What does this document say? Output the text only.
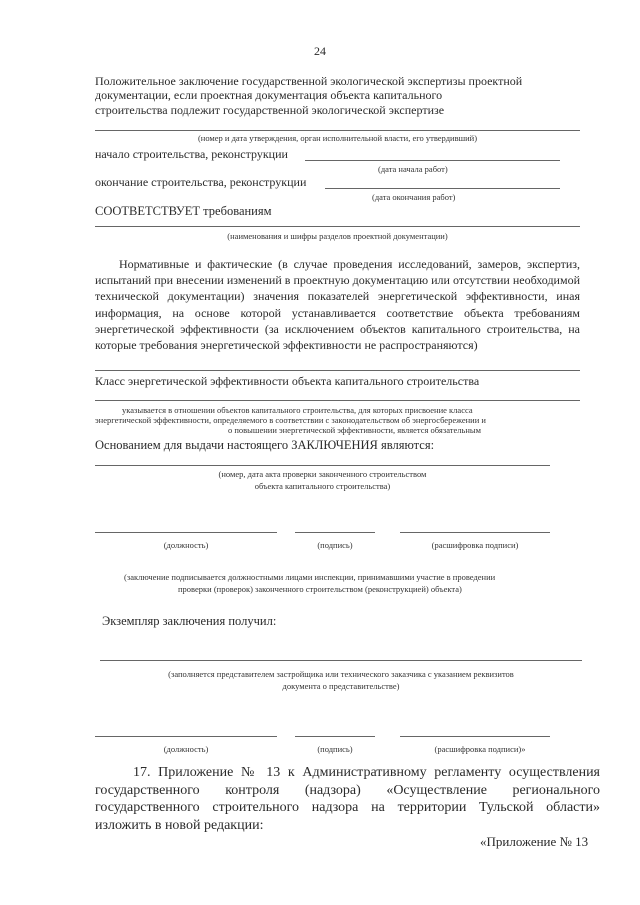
24
Положительное заключение государственной экологической экспертизы проектной
документации, если проектная документация объекта капитального
строительства подлежит государственной экологической экспертизе
(номер и дата утверждения, орган исполнительной власти, его утвердивший)
начало строительства, реконструкции
(дата начала работ)
окончание строительства, реконструкции
(дата окончания работ)
СООТВЕТСТВУЕТ требованиям
(наименования и шифры разделов проектной документации)
Нормативные и фактические (в случае проведения исследований, замеров, экспертиз, испытаний при внесении изменений в проектную документацию или отсутствии необходимой технической документации) значения показателей энергетической эффективности, иная информация, на основе которой устанавливается соответствие объекта требованиям энергетической эффективности (за исключением объектов капитального строительства, на которые требования энергетической эффективности не распространяются)
Класс энергетической эффективности объекта капитального строительства
указывается в отношении объектов капитального строительства, для которых присвоение класса
энергетической эффективности, определяемого в соответствии с законодательством об энергосбережении и
о повышении энергетической эффективности, является обязательным
Основанием для выдачи настоящего ЗАКЛЮЧЕНИЯ являются:
(номер, дата акта проверки законченного строительством
объекта капитального строительства)
(должность)	(подпись)	(расшифровка подписи)
(заключение подписывается должностными лицами инспекции, принимавшими участие в проведении
проверки (проверок) законченного строительством (реконструкцией) объекта)
Экземпляр заключения получил:
(заполняется представителем застройщика или технического заказчика с указанием реквизитов
документа о представительстве)
(должность)	(подпись)	(расшифровка подписи)»
17. Приложение № 13 к Административному регламенту осуществления государственного контроля (надзора) «Осуществление регионального государственного строительного надзора на территории Тульской области» изложить в новой редакции:
«Приложение № 13
